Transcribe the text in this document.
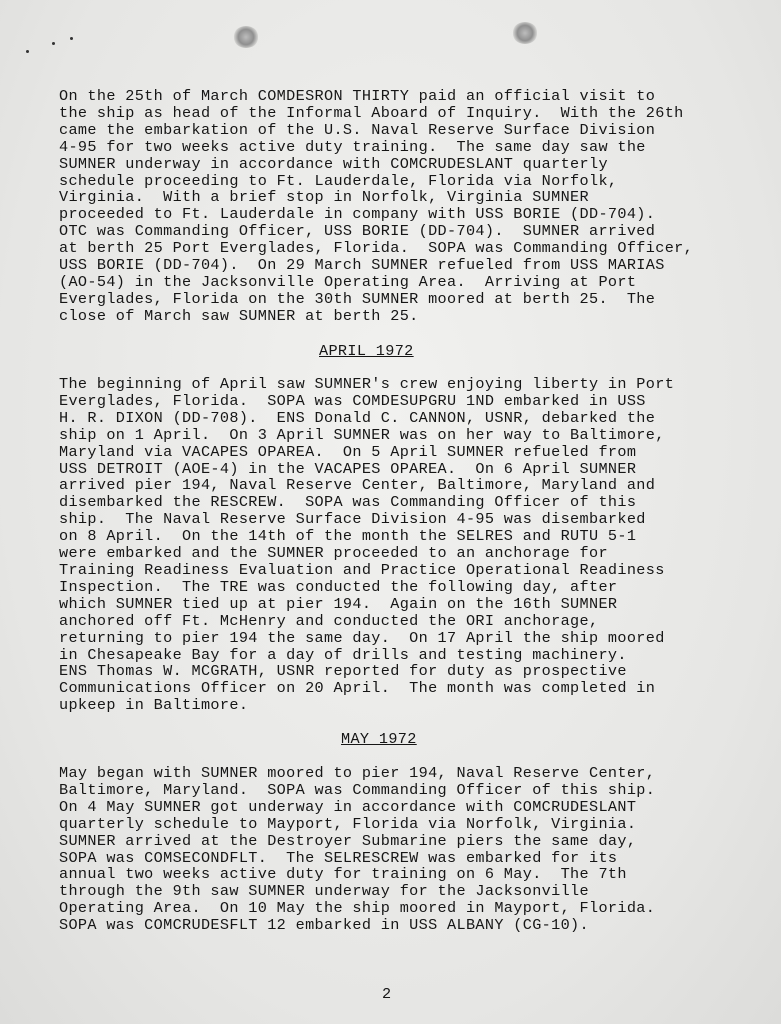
On the 25th of March COMDESRON THIRTY paid an official visit to
the ship as head of the Informal Aboard of Inquiry.  With the 26th
came the embarkation of the U.S. Naval Reserve Surface Division
4-95 for two weeks active duty training.  The same day saw the
SUMNER underway in accordance with COMCRUDESLANT quarterly
schedule proceeding to Ft. Lauderdale, Florida via Norfolk,
Virginia.  With a brief stop in Norfolk, Virginia SUMNER
proceeded to Ft. Lauderdale in company with USS BORIE (DD-704).
OTC was Commanding Officer, USS BORIE (DD-704).  SUMNER arrived
at berth 25 Port Everglades, Florida.  SOPA was Commanding Officer,
USS BORIE (DD-704).  On 29 March SUMNER refueled from USS MARIAS
(AO-54) in the Jacksonville Operating Area.  Arriving at Port
Everglades, Florida on the 30th SUMNER moored at berth 25.  The
close of March saw SUMNER at berth 25.

APRIL 1972

The beginning of April saw SUMNER's crew enjoying liberty in Port
Everglades, Florida.  SOPA was COMDESUPGRU 1ND embarked in USS
H. R. DIXON (DD-708).  ENS Donald C. CANNON, USNR, debarked the
ship on 1 April.  On 3 April SUMNER was on her way to Baltimore,
Maryland via VACAPES OPAREA.  On 5 April SUMNER refueled from
USS DETROIT (AOE-4) in the VACAPES OPAREA.  On 6 April SUMNER
arrived pier 194, Naval Reserve Center, Baltimore, Maryland and
disembarked the RESCREW.  SOPA was Commanding Officer of this
ship.  The Naval Reserve Surface Division 4-95 was disembarked
on 8 April.  On the 14th of the month the SELRES and RUTU 5-1
were embarked and the SUMNER proceeded to an anchorage for
Training Readiness Evaluation and Practice Operational Readiness
Inspection.  The TRE was conducted the following day, after
which SUMNER tied up at pier 194.  Again on the 16th SUMNER
anchored off Ft. McHenry and conducted the ORI anchorage,
returning to pier 194 the same day.  On 17 April the ship moored
in Chesapeake Bay for a day of drills and testing machinery.
ENS Thomas W. MCGRATH, USNR reported for duty as prospective
Communications Officer on 20 April.  The month was completed in
upkeep in Baltimore.

MAY 1972

May began with SUMNER moored to pier 194, Naval Reserve Center,
Baltimore, Maryland.  SOPA was Commanding Officer of this ship.
On 4 May SUMNER got underway in accordance with COMCRUDESLANT
quarterly schedule to Mayport, Florida via Norfolk, Virginia.
SUMNER arrived at the Destroyer Submarine piers the same day,
SOPA was COMSECONDFLT.  The SELRESCREW was embarked for its
annual two weeks active duty for training on 6 May.  The 7th
through the 9th saw SUMNER underway for the Jacksonville
Operating Area.  On 10 May the ship moored in Mayport, Florida.
SOPA was COMCRUDESFLT 12 embarked in USS ALBANY (CG-10).

2
